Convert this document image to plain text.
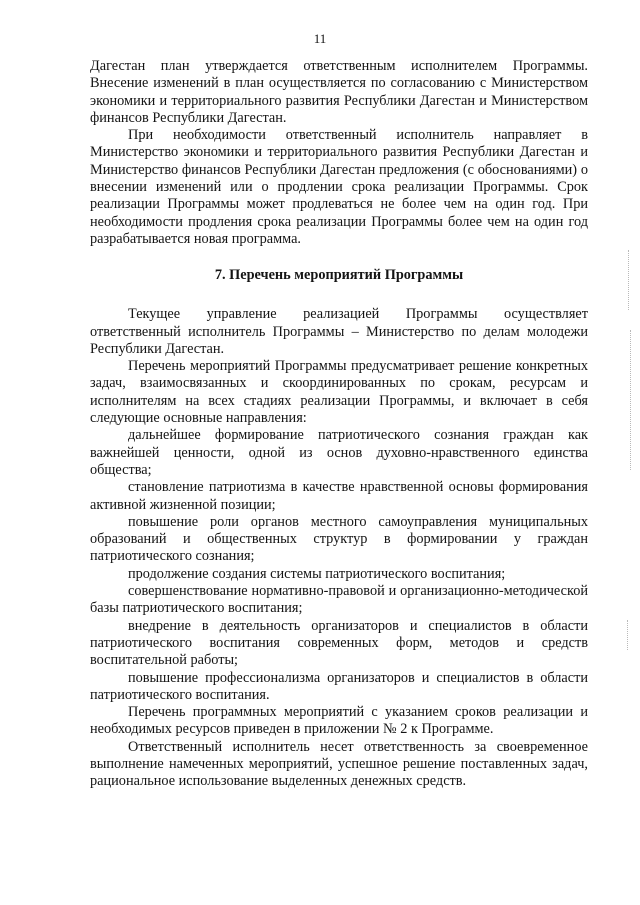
11

Дагестан план утверждается ответственным исполнителем Программы. Внесение изменений в план осуществляется по согласованию с Министерством экономики и территориального развития Республики Дагестан и Министерством финансов Республики Дагестан.

При необходимости ответственный исполнитель направляет в Министерство экономики и территориального развития Республики Дагестан и Министерство финансов Республики Дагестан предложения (с обоснованиями) о внесении изменений или о продлении срока реализации Программы. Срок реализации Программы может продлеваться не более чем на один год. При необходимости продления срока реализации Программы более чем на один год разрабатывается новая программа.

7. Перечень мероприятий Программы

Текущее управление реализацией Программы осуществляет ответственный исполнитель Программы – Министерство по делам молодежи Республики Дагестан.

Перечень мероприятий Программы предусматривает решение конкретных задач, взаимосвязанных и скоординированных по срокам, ресурсам и исполнителям на всех стадиях реализации Программы, и включает в себя следующие основные направления:

дальнейшее формирование патриотического сознания граждан как важнейшей ценности, одной из основ духовно-нравственного единства общества;

становление патриотизма в качестве нравственной основы формирования активной жизненной позиции;

повышение роли органов местного самоуправления муниципальных образований и общественных структур в формировании у граждан патриотического сознания;

продолжение создания системы патриотического воспитания;

совершенствование нормативно-правовой и организационно-методической базы патриотического воспитания;

внедрение в деятельность организаторов и специалистов в области патриотического воспитания современных форм, методов и средств воспитательной работы;

повышение профессионализма организаторов и специалистов в области патриотического воспитания.

Перечень программных мероприятий с указанием сроков реализации и необходимых ресурсов приведен в приложении № 2 к Программе.

Ответственный исполнитель несет ответственность за своевременное выполнение намеченных мероприятий, успешное решение поставленных задач, рациональное использование выделенных денежных средств.
